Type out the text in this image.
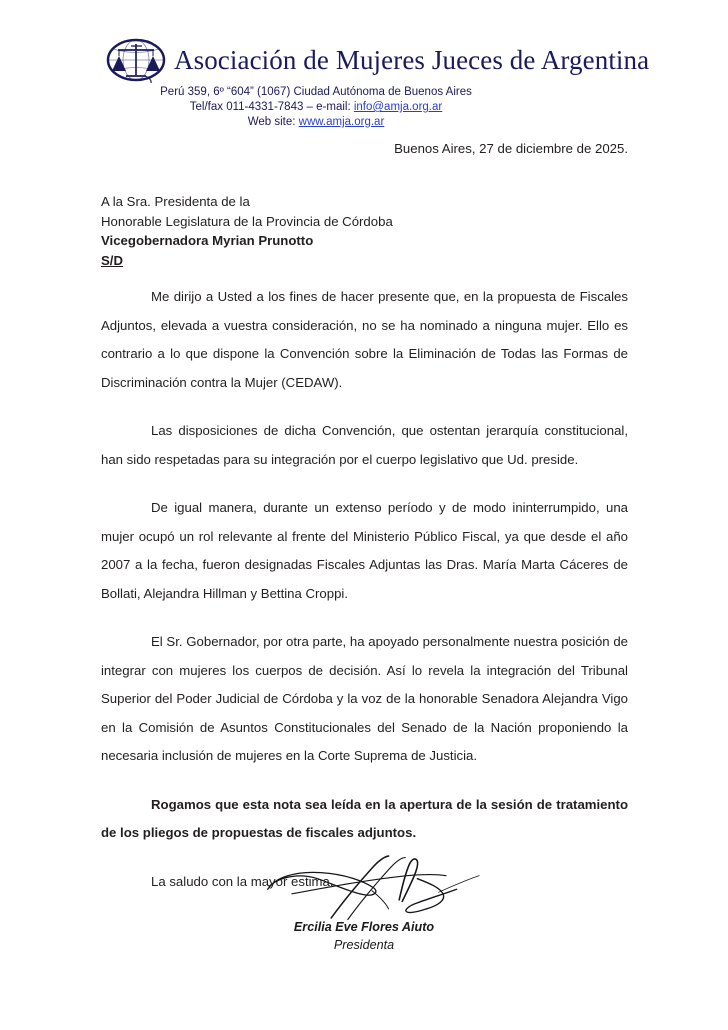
Asociación de Mujeres Jueces de Argentina
Perú 359, 6º “604” (1067) Ciudad Autónoma de Buenos Aires
Tel/fax 011-4331-7843 – e-mail: info@amja.org.ar
Web site: www.amja.org.ar
Buenos Aires, 27 de diciembre de 2025.
A la Sra. Presidenta de la
Honorable Legislatura de la Provincia de Córdoba
Vicegobernadora Myrian Prunotto
S/D

Me dirijo a Usted a los fines de hacer presente que, en la propuesta de Fiscales Adjuntos, elevada a vuestra consideración, no se ha nominado a ninguna mujer. Ello es contrario a lo que dispone la Convención sobre la Eliminación de Todas las Formas de Discriminación contra la Mujer (CEDAW).

Las disposiciones de dicha Convención, que ostentan jerarquía constitucional, han sido respetadas para su integración por el cuerpo legislativo que Ud. preside.

De igual manera, durante un extenso período y de modo ininterrumpido, una mujer ocupó un rol relevante al frente del Ministerio Público Fiscal, ya que desde el año 2007 a la fecha, fueron designadas Fiscales Adjuntas las Dras. María Marta Cáceres de Bollati, Alejandra Hillman y Bettina Croppi.

El Sr. Gobernador, por otra parte, ha apoyado personalmente nuestra posición de integrar con mujeres los cuerpos de decisión. Así lo revela la integración del Tribunal Superior del Poder Judicial de Córdoba y la voz de la honorable Senadora Alejandra Vigo en la Comisión de Asuntos Constitucionales del Senado de la Nación proponiendo la necesaria inclusión de mujeres en la Corte Suprema de Justicia.

Rogamos que esta nota sea leída en la apertura de la sesión de tratamiento de los pliegos de propuestas de fiscales adjuntos.

La saludo con la mayor estima.

Ercilia Eve Flores Aiuto
Presidenta
